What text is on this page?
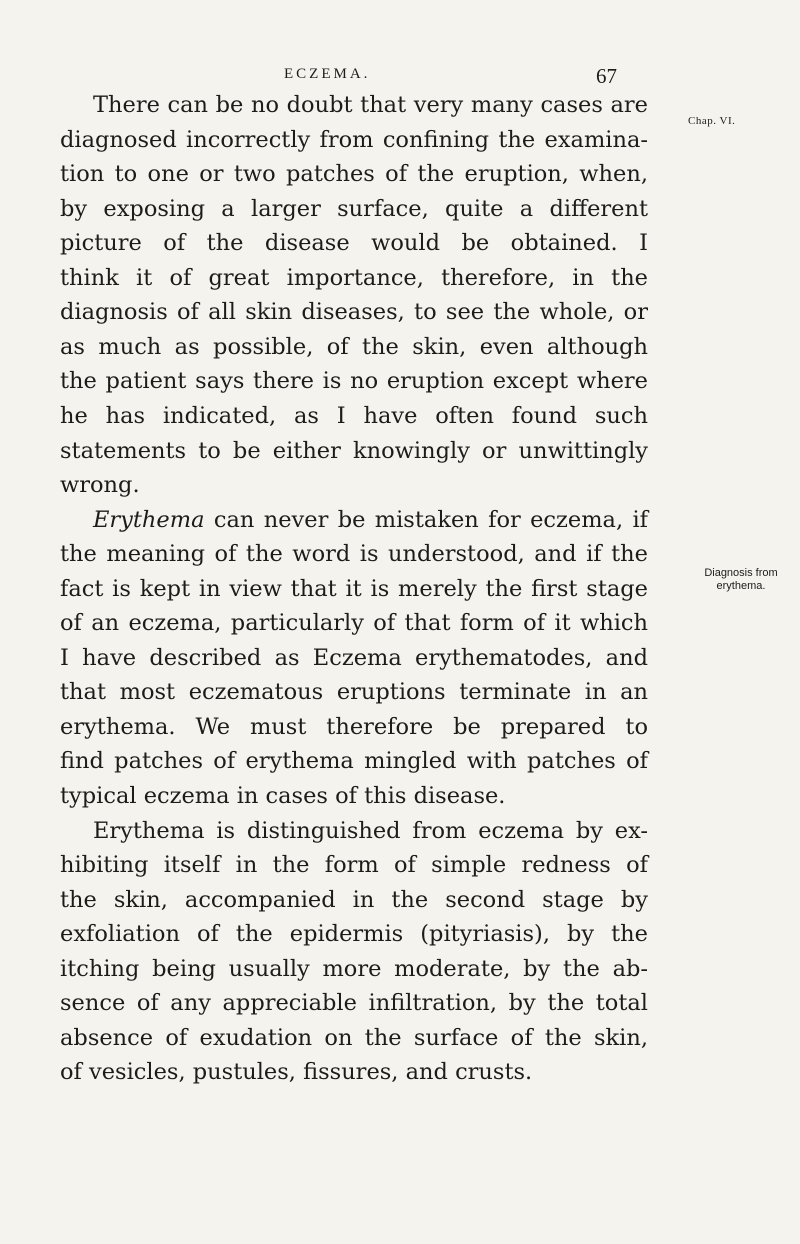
ECZEMA.	67
Chap. VI.
Diagnosis from
erythema.
There can be no doubt that very many cases are
diagnosed incorrectly from confining the examina-
tion to one or two patches of the eruption, when,
by exposing a larger surface, quite a different
picture of the disease would be obtained. I
think it of great importance, therefore, in the
diagnosis of all skin diseases, to see the whole, or
as much as possible, of the skin, even although
the patient says there is no eruption except where
he has indicated, as I have often found such
statements to be either knowingly or unwittingly
wrong.
Erythema can never be mistaken for eczema, if
the meaning of the word is understood, and if the
fact is kept in view that it is merely the first stage
of an eczema, particularly of that form of it which
I have described as Eczema erythematodes, and
that most eczematous eruptions terminate in an
erythema. We must therefore be prepared to
find patches of erythema mingled with patches of
typical eczema in cases of this disease.
Erythema is distinguished from eczema by ex-
hibiting itself in the form of simple redness of
the skin, accompanied in the second stage by
exfoliation of the epidermis (pityriasis), by the
itching being usually more moderate, by the ab-
sence of any appreciable infiltration, by the total
absence of exudation on the surface of the skin,
of vesicles, pustules, fissures, and crusts.
